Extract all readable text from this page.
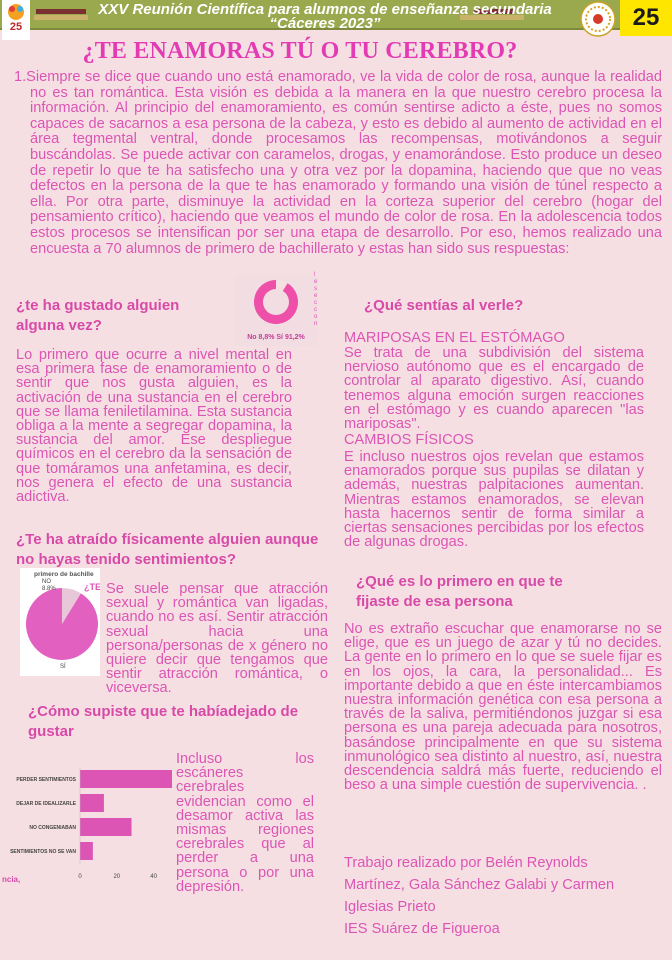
25
XXV Reunión Científica para alumnos de enseñanza secundaria
“Cáceres 2023”	25
¿TE ENAMORAS TÚ O TU CEREBRO?
1.Siempre se dice que cuando uno está enamorado, ve la vida de color de rosa, aunque la realidad no es tan romántica. Esta visión es debida a la manera en la que nuestro cerebro procesa la información. Al principio del enamoramiento, es común sentirse adicto a éste, pues no somos capaces de sacarnos a esa persona de la cabeza, y esto es debido al aumento de actividad en el área tegmental ventral, donde procesamos las recompensas, motivándonos a seguir buscándolas. Se puede activar con caramelos, drogas, y enamorándose. Esto produce un deseo de repetir lo que te ha satisfecho una y otra vez por la dopamina, haciendo que que no veas defectos en la persona de la que te has enamorado y formando una visión de túnel respecto a ella. Por otra parte, disminuye la actividad en la corteza superior del cerebro (hogar del pensamiento crítico), haciendo que veamos el mundo de color de rosa. En la adolescencia todos estos procesos se intensifican por ser una etapa de desarrollo. Por eso, hemos realizado una encuesta a 70 alumnos de primero de bachillerato y estas han sido sus respuestas:
No 8,8% Sí 91,2%
l e s e c c o n
¿te ha gustado alguien alguna vez?
Lo primero que ocurre a nivel mental en esa primera fase de enamoramiento o de sentir que nos gusta alguien, es la activación de una sustancia en el cerebro que se llama feniletilamina. Esta sustancia obliga a la mente a segregar dopamina, la sustancia del amor. Ese despliegue químicos en el cerebro da la sensación de que tomáramos una anfetamina, es decir, nos genera el efecto de una sustancia adictiva.
¿Te ha atraído físicamente alguien aunque no hayas tenido sentimientos?
primero de bachille
NO
8.8%
SÍ
¿TE Se suele pensar que atracción sexual y romántica van ligadas, cuando no es así. Sentir atracción sexual hacia una persona/personas de x género no quiere decir que tengamos que sentir atracción romántica, o viceversa.
¿Cómo supiste que te habíadejado de gustar
PERDER SENTIMIENTOS
DEJAR DE IDEALIZARLE
NO CONGENIABAN
SENTIMIENTOS NO SE VAN
0	20	40
ncia,
Incluso los escáneres cerebrales evidencian como el desamor activa las mismas regiones cerebrales que al perder a una persona o por una depresión.
¿Qué sentías al verle?
MARIPOSAS EN EL ESTÓMAGO
Se trata de una subdivisión del sistema nervioso autónomo que es el encargado de controlar al aparato digestivo. Así, cuando tenemos alguna emoción surgen reacciones en el estómago y es cuando aparecen "las mariposas".
CAMBIOS FÍSICOS
E incluso nuestros ojos revelan que estamos enamorados porque sus pupilas se dilatan y además, nuestras palpitaciones aumentan. Mientras estamos enamorados, se elevan hasta hacernos sentir de forma similar a ciertas sensaciones percibidas por los efectos de algunas drogas.
¿Qué es lo primero en que te fijaste de esa persona
No es extraño escuchar que enamorarse no se elige, que es un juego de azar y tú no decides. La gente en lo primero en lo que se suele fijar es en los ojos, la cara, la personalidad... Es importante debido a que en éste intercambiamos nuestra información genética con esa persona a través de la saliva, permitiéndonos juzgar si esa persona es una pareja adecuada para nosotros, basándose principalmente en que su sistema inmunológico sea distinto al nuestro, así, nuestra descendencia saldrá más fuerte, reduciendo el beso a una simple cuestión de supervivencia. .
Trabajo realizado por Belén Reynolds
Martínez, Gala Sánchez Galabi y Carmen
Iglesias Prieto
IES Suárez de Figueroa
